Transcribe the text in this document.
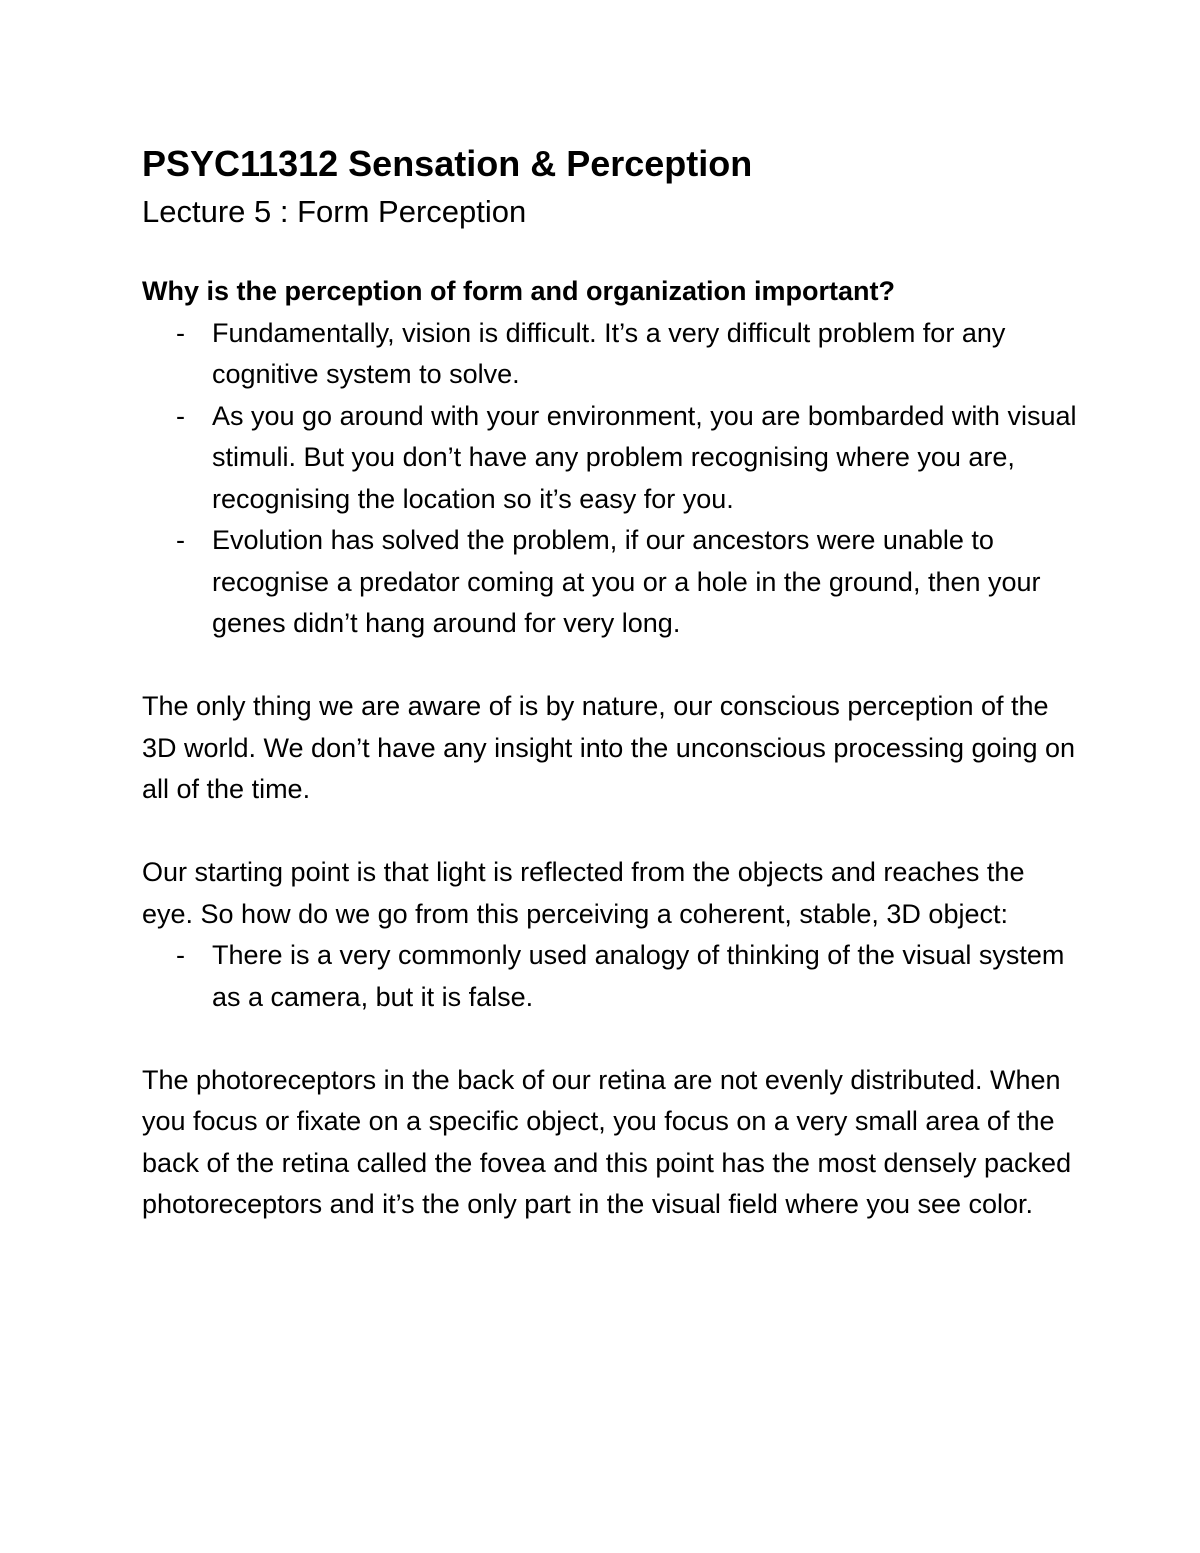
PSYC11312 Sensation & Perception
Lecture 5 : Form Perception

Why is the perception of form and organization important?

- Fundamentally, vision is difficult. It’s a very difficult problem for any cognitive system to solve.
- As you go around with your environment, you are bombarded with visual stimuli. But you don’t have any problem recognising where you are, recognising the location so it’s easy for you.
- Evolution has solved the problem, if our ancestors were unable to recognise a predator coming at you or a hole in the ground, then your genes didn’t hang around for very long.

The only thing we are aware of is by nature, our conscious perception of the 3D world. We don’t have any insight into the unconscious processing going on all of the time.

Our starting point is that light is reflected from the objects and reaches the eye. So how do we go from this perceiving a coherent, stable, 3D object:

- There is a very commonly used analogy of thinking of the visual system as a camera, but it is false.

The photoreceptors in the back of our retina are not evenly distributed. When you focus or fixate on a specific object, you focus on a very small area of the back of the retina called the fovea and this point has the most densely packed photoreceptors and it’s the only part in the visual field where you see color.
